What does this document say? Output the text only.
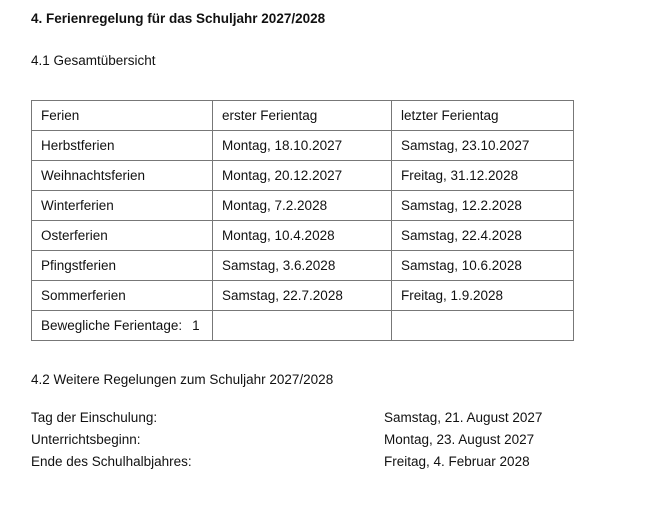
4. Ferienregelung für das Schuljahr 2027/2028
4.1 Gesamtübersicht
Ferien	erster Ferientag	letzter Ferientag
Herbstferien	Montag, 18.10.2027	Samstag, 23.10.2027
Weihnachtsferien	Montag, 20.12.2027	Freitag, 31.12.2028
Winterferien	Montag, 7.2.2028	Samstag, 12.2.2028
Osterferien	Montag, 10.4.2028	Samstag, 22.4.2028
Pfingstferien	Samstag, 3.6.2028	Samstag, 10.6.2028
Sommerferien	Samstag, 22.7.2028	Freitag, 1.9.2028
Bewegliche Ferientage: 1		
4.2 Weitere Regelungen zum Schuljahr 2027/2028
Tag der Einschulung:	Samstag, 21. August 2027
Unterrichtsbeginn:	Montag, 23. August 2027
Ende des Schulhalbjahres:	Freitag, 4. Februar 2028
